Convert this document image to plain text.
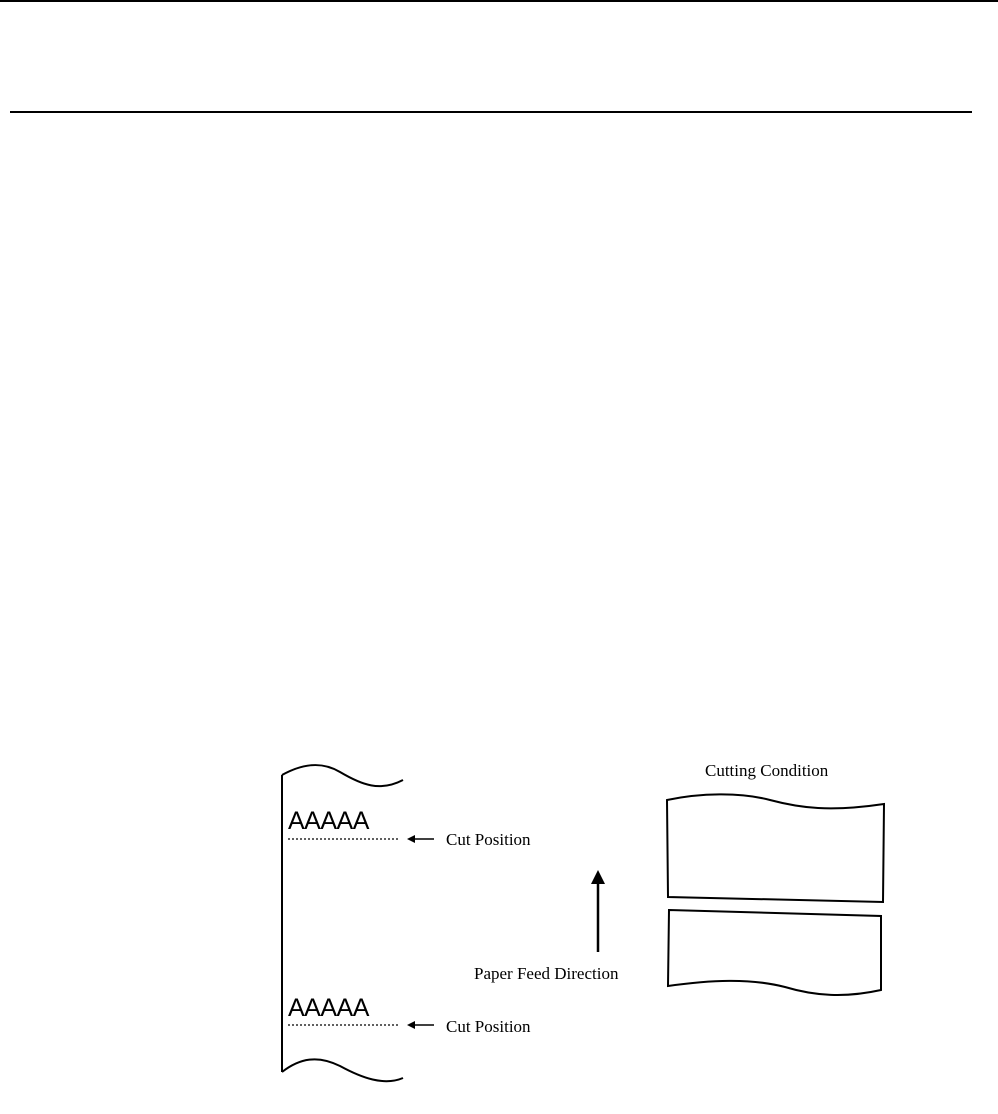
AAAAA
AAAAA
Cut Position
Cut Position
Paper Feed Direction
Cutting Condition
